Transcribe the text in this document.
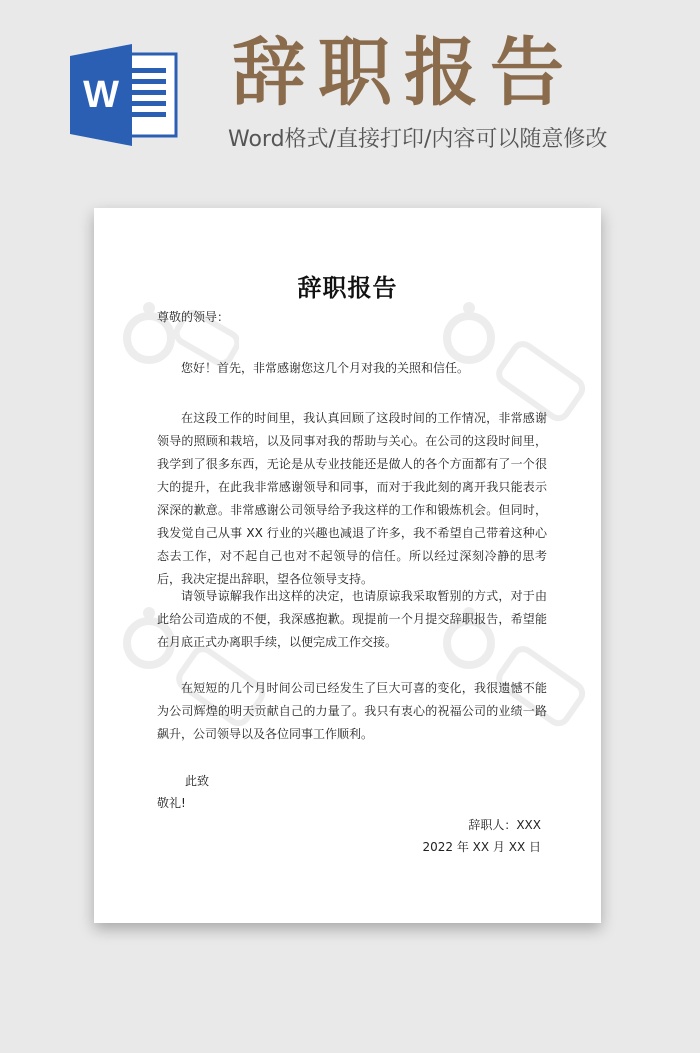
W 辞职报告
Word格式/直接打印/内容可以随意修改
辞职报告
尊敬的领导：
您好！首先，非常感谢您这几个月对我的关照和信任。
在这段工作的时间里，我认真回顾了这段时间的工作情况，非常感谢领导的照顾和栽培，以及同事对我的帮助与关心。在公司的这段时间里，我学到了很多东西，无论是从专业技能还是做人的各个方面都有了一个很大的提升，在此我非常感谢领导和同事，而对于我此刻的离开我只能表示深深的歉意。非常感谢公司领导给予我这样的工作和锻炼机会。但同时，我发觉自己从事 XX 行业的兴趣也减退了许多，我不希望自己带着这种心态去工作，对不起自己也对不起领导的信任。所以经过深刻冷静的思考后，我决定提出辞职，望各位领导支持。
请领导谅解我作出这样的决定，也请原谅我采取暂别的方式，对于由此给公司造成的不便，我深感抱歉。现提前一个月提交辞职报告，希望能在月底正式办离职手续，以便完成工作交接。
在短短的几个月时间公司已经发生了巨大可喜的变化，我很遗憾不能为公司辉煌的明天贡献自己的力量了。我只有衷心的祝福公司的业绩一路飙升，公司领导以及各位同事工作顺利。
此致
敬礼!
辞职人：XXX
2022 年 XX 月 XX 日
